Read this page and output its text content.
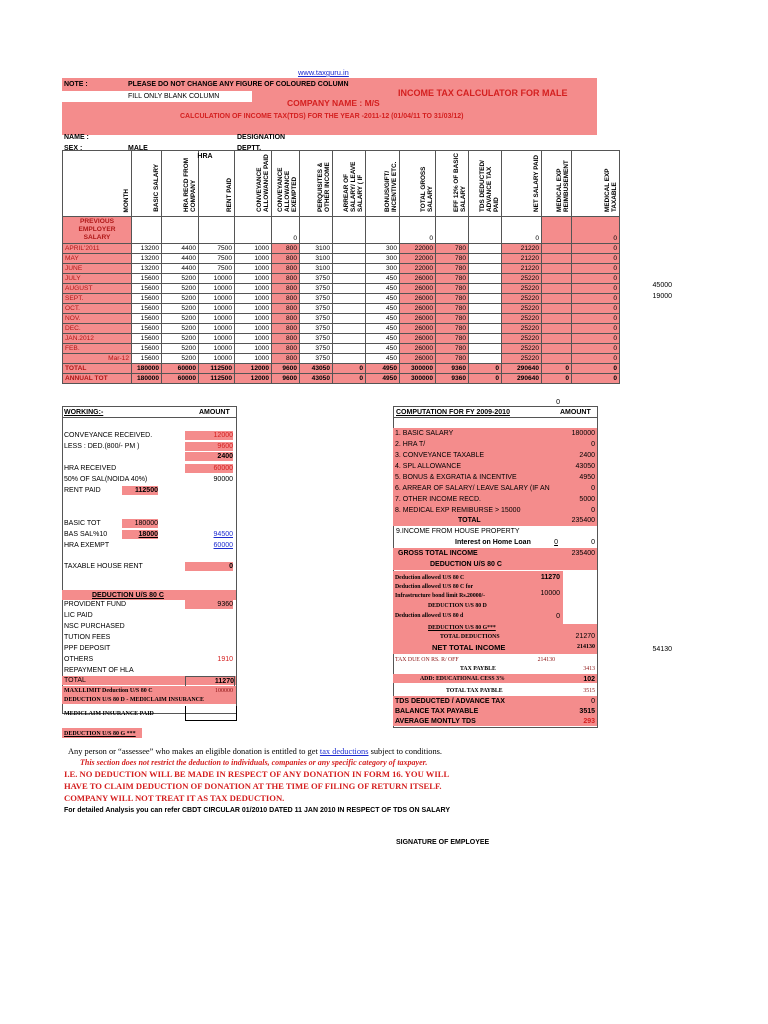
www.taxguru.in
NOTE :	PLEASE DO NOT CHANGE ANY FIGURE OF COLOURED COLUMN
FILL ONLY BLANK COLUMN	INCOME TAX CALCULATOR FOR MALE
COMPANY NAME : M/S
CALCULATION OF INCOME TAX(TDS) FOR THE YEAR -2011-12 (01/04/11 TO 31/03/12)
NAME :	DESIGNATION
SEX :	MALE	DEPTT.
MONTH	BASIC SALARY	HRA RECD FROM COMPANY	RENT PAID	CONVEYANCE ALLOWANCE PAID	CONVEYANCE ALLOWANCE EXEMPTED	PERQUISITES & OTHER INCOME	ARREAR OF SALARY/ LEAVE SALARY ( IF	BONUS/GIFT/ INCENTIVE ETC.	TOTAL GROSS SALARY	EFF 12% OF BASIC SALARY	TDS DEDUCTED/ ADVANCE TAX PAID	NET SALARY PAID	MEDICAL EXP REIMBUSEMENT	MEDICAL EXP TAXABLE
PREVIOUS EMPLOYER SALARY					0				0			0		0
APRIL'2011	13200	4400	7500	1000	800	3100		300	22000	780		21220		0
MAY	13200	4400	7500	1000	800	3100		300	22000	780		21220		0
JUNE	13200	4400	7500	1000	800	3100		300	22000	780		21220		0
JULY	15600	5200	10000	1000	800	3750		450	26000	780		25220		0
AUGUST	15600	5200	10000	1000	800	3750		450	26000	780		25220		0
SEPT.	15600	5200	10000	1000	800	3750		450	26000	780		25220		0
OCT.	15600	5200	10000	1000	800	3750		450	26000	780		25220		0
NOV.	15600	5200	10000	1000	800	3750		450	26000	780		25220		0
DEC.	15600	5200	10000	1000	800	3750		450	26000	780		25220		0
JAN.2012	15600	5200	10000	1000	800	3750		450	26000	780		25220		0
FEB.	15600	5200	10000	1000	800	3750		450	26000	780		25220		0
Mar-12	15600	5200	10000	1000	800	3750		450	26000	780		25220		0
TOTAL	180000	60000	112500	12000	9600	43050	0	4950	300000	9360	0	290640	0	0
ANNUAL TOT	180000	60000	112500	12000	9600	43050	0	4950	300000	9360	0	290640	0	0
HRA
0
45000
19000
54130
WORKING:-	AMOUNT
CONVEYANCE RECEIVED.	12000
LESS : DED.(800/- PM )	9600
2400
HRA RECEIVED	60000
50% OF SAL(NOIDA 40%)	90000
RENT PAID	112500
BASIC TOT	180000
BAS SAL%10	18000	94500
HRA EXEMPT	60000
TAXABLE HOUSE RENT	0
DEDUCTION U/S 80 C
PROVIDENT FUND	9360
LIC PAID
NSC PURCHASED
TUTION FEES
PPF DEPOSIT
OTHERS	1910
REPAYMENT OF HLA
TOTAL	11270
MAXLLIMIT Deduction U/S 80 C	100000
DEDUCTION U/S 80 D - MEDICLAIM INSURANCE
MEDICLAIM INSURANCE PAID
DEDUCTION U/S 80 G ***
COMPUTATION FOR FY 2009-2010	AMOUNT
1. BASIC SALARY	180000
2. HRA T/	0
3. CONVEYANCE TAXABLE	2400
4. SPL ALLOWANCE	43050
5. BONUS & EXGRATIA & INCENTIVE	4950
6. ARREAR OF SALARY/ LEAVE SALARY (IF AN	0
7. OTHER INCOME RECD.	5000
8. MEDICAL EXP REMIBURSE > 15000	0
TOTAL	235400
9.INCOME FROM HOUSE PROPERTY
Interest on Home Loan	0	0
GROSS TOTAL INCOME	235400
DEDUCTION U/S 80 C
Deduction allowed U/S 80 C	11270
Deduction allowed U/S 80 C for
Infrastructure bond limit Rs.20000/-	10000
DEDUCTION U/S 80 D
Deduction allowed U/S 80 d	0
DEDUCTION U/S 80 G***
TOTAL DEDUCTIONS	21270
NET TOTAL INCOME	214130
TAX DUE ON RS. R/ OFF	214130
TAX PAYBLE	3413
ADD: EDUCATIONAL CESS 3%	102
TOTAL TAX PAYBLE	3515
TDS DEDUCTED / ADVANCE TAX	0
BALANCE TAX PAYABLE	3515
AVERAGE MONTLY TDS	293
Any person or “assessee” who makes an eligible donation is entitled to get tax deductions subject to conditions.
This section does not restrict the deduction to individuals, companies or any specific category of taxpayer.
I.E. NO DEDUCTION WILL BE MADE IN RESPECT OF ANY DONATION IN FORM 16. YOU WILL
HAVE TO CLAIM DEDUCTION OF DONATION AT THE TIME OF FILING OF RETURN ITSELF.
COMPANY WILL NOT TREAT IT AS TAX DEDUCTION.
For detailed Analysis you can refer CBDT CIRCULAR 01/2010 DATED 11 JAN 2010 IN RESPECT OF TDS ON SALARY
SIGNATURE OF EMPLOYEE
